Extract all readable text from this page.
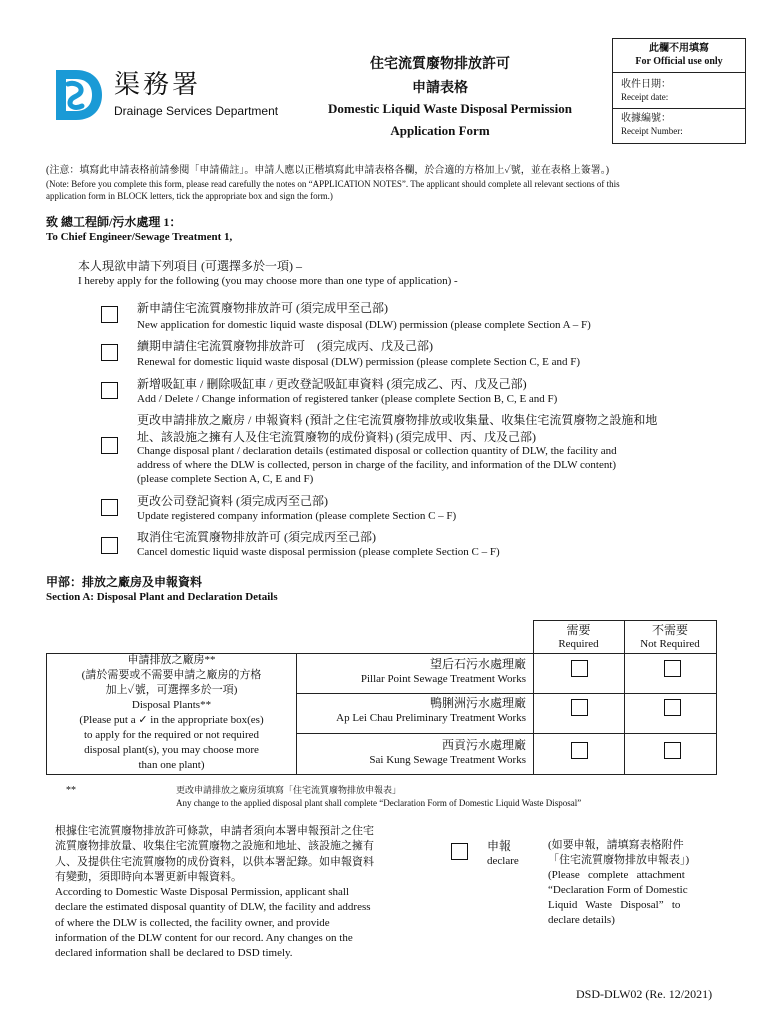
渠務署
Drainage Services Department
住宅流質廢物排放許可
申請表格
Domestic Liquid Waste Disposal Permission
Application Form
此欄不用填寫
For Official use only
收件日期：
Receipt date:
收據編號：
Receipt Number:
(注意：填寫此申請表格前請參閱「申請備註」。申請人應以正楷填寫此申請表格各欄，於合適的方格加上✓號，並在表格上簽署。)
(Note: Before you complete this form, please read carefully the notes on “APPLICATION NOTES”. The applicant should complete all relevant sections of this
application form in BLOCK letters, tick the appropriate box and sign the form.)
致 總工程師/污水處理 1：
To Chief Engineer/Sewage Treatment 1,
本人現欲申請下列項目 (可選擇多於一項) –
I hereby apply for the following (you may choose more than one type of application) -
新申請住宅流質廢物排放許可 (須完成甲至己部)
New application for domestic liquid waste disposal (DLW) permission (please complete Section A – F)
續期申請住宅流質廢物排放許可　(須完成丙、戊及己部)
Renewal for domestic liquid waste disposal (DLW) permission (please complete Section C, E and F)
新增吸缸車 / 刪除吸缸車 / 更改登記吸缸車資料 (須完成乙、丙、戊及己部)
Add / Delete / Change information of registered tanker (please complete Section B, C, E and F)
更改申請排放之廠房 / 申報資料 (預計之住宅流質廢物排放或收集量、收集住宅流質廢物之設施和地
址、該設施之擁有人及住宅流質廢物的成份資料) (須完成甲、丙、戊及己部)
Change disposal plant / declaration details (estimated disposal or collection quantity of DLW, the facility and
address of where the DLW is collected, person in charge of the facility, and information of the DLW content)
(please complete Section A, C, E and F)
更改公司登記資料 (須完成丙至己部)
Update registered company information (please complete Section C – F)
取消住宅流質廢物排放許可 (須完成丙至己部)
Cancel domestic liquid waste disposal permission (please complete Section C – F)
甲部：排放之廠房及申報資料
Section A: Disposal Plant and Declaration Details
需要
Required
不需要
Not Required
申請排放之廠房**
(請於需要或不需要申請之廠房的方格
加上✓號，可選擇多於一項)
Disposal Plants**
(Please put a ✓ in the appropriate box(es)
to apply for the required or not required
disposal plant(s), you may choose more
than one plant)
望后石污水處理廠
Pillar Point Sewage Treatment Works
鴨脷洲污水處理廠
Ap Lei Chau Preliminary Treatment Works
西貢污水處理廠
Sai Kung Sewage Treatment Works
**	更改申請排放之廠房須填寫「住宅流質廢物排放申報表」
Any change to the applied disposal plant shall complete “Declaration Form of Domestic Liquid Waste Disposal”
根據住宅流質廢物排放許可條款，申請者須向本署申報預計之住宅
流質廢物排放量、收集住宅流質廢物之設施和地址、該設施之擁有
人、及提供住宅流質廢物的成份資料，以供本署記錄。如申報資料
有變動，須即時向本署更新申報資料。
According to Domestic Waste Disposal Permission, applicant shall
declare the estimated disposal quantity of DLW, the facility and address
of where the DLW is collected, the facility owner, and provide
information of the DLW content for our record. Any changes on the
declared information shall be declared to DSD timely.
申報
declare
(如要申報，請填寫表格附件
「住宅流質廢物排放申報表」)
(Please   complete   attachment
“Declaration Form of Domestic
Liquid   Waste   Disposal”   to
declare details)
DSD-DLW02 (Re. 12/2021)
